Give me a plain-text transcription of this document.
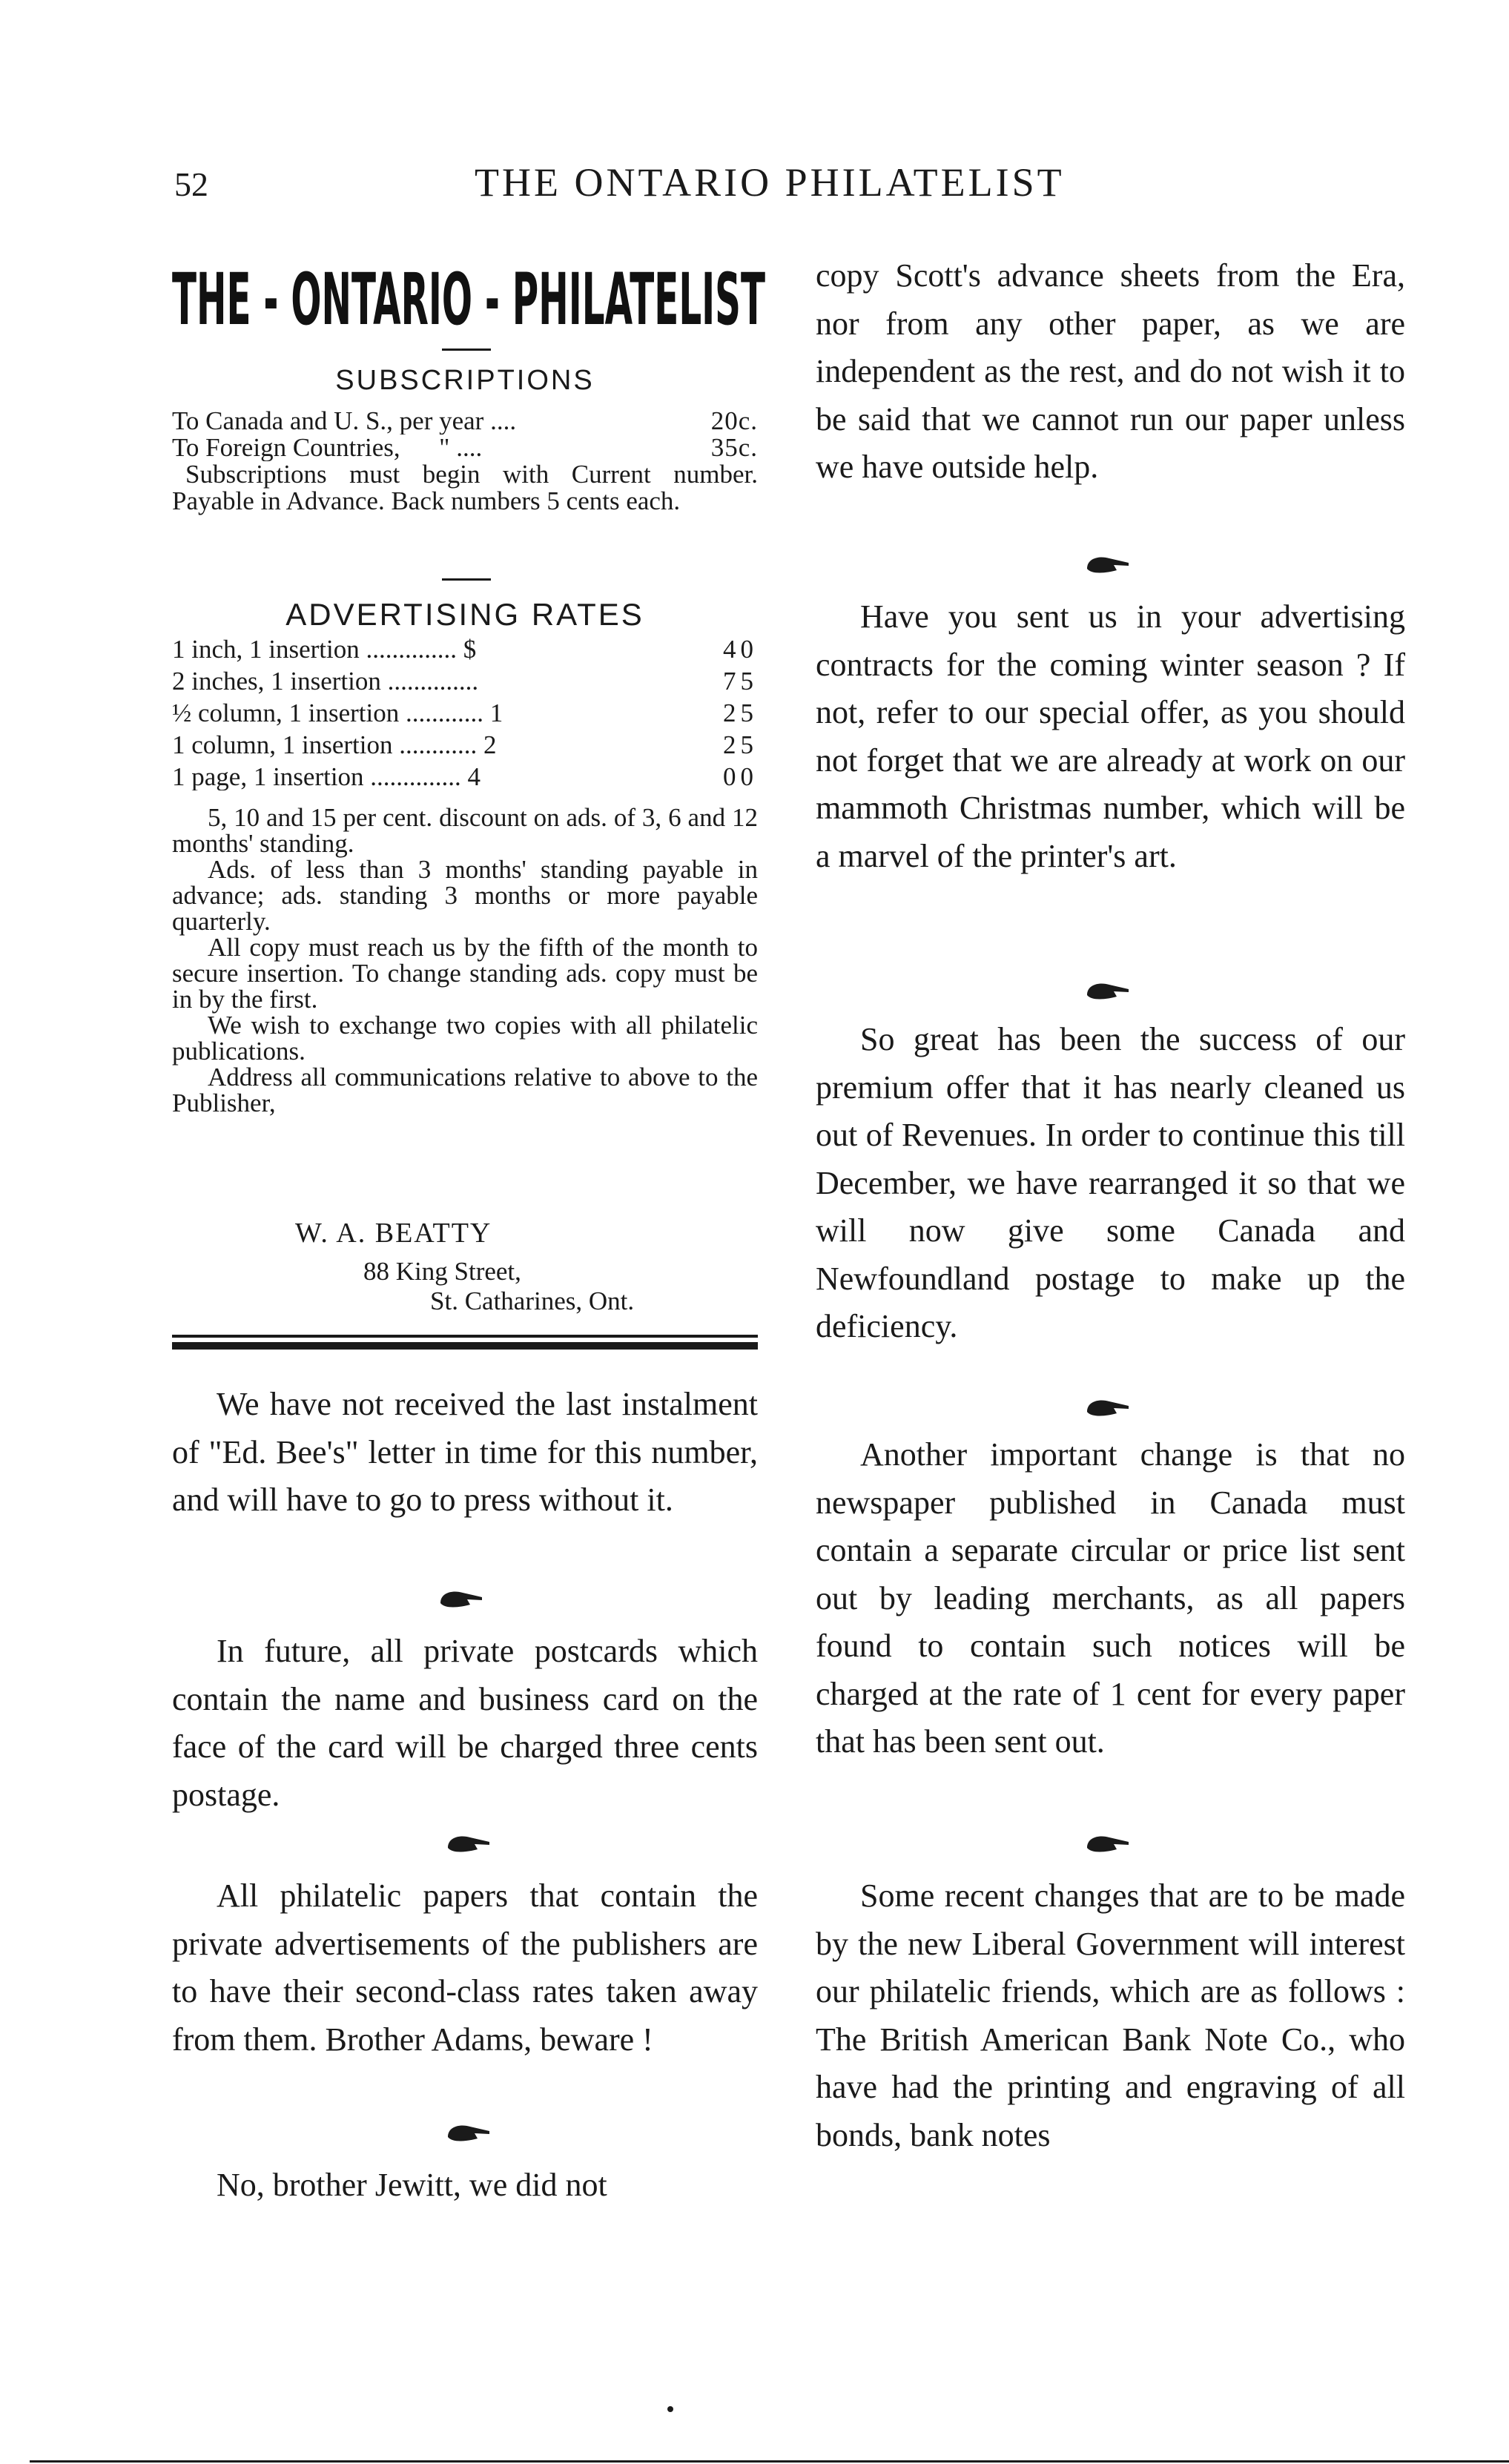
52	THE ONTARIO PHILATELIST
THE - ONTARIO - PHILATELIST
SUBSCRIPTIONS
To Canada and U. S., per year ....	20c.
To Foreign Countries,      " ....	35c.
Subscriptions must begin with Current number. Payable in Advance. Back numbers 5 cents each.
ADVERTISING RATES
1 inch, 1 insertion .............. $	40
2 inches, 1 insertion ..............	75
½ column, 1 insertion ............ 1	25
1 column, 1 insertion ............ 2	25
1 page, 1 insertion .............. 4	00
5, 10 and 15 per cent. discount on ads. of 3, 6 and 12 months' standing.
Ads. of less than 3 months' standing payable in advance; ads. standing 3 months or more payable quarterly.
All copy must reach us by the fifth of the month to secure insertion. To change standing ads. copy must be in by the first.
We wish to exchange two copies with all philatelic publications.
Address all communications relative to above to the Publisher,
W. A. BEATTY
88 King Street,
St. Catharines, Ont.

We have not received the last instalment of "Ed. Bee's" letter in time for this number, and will have to go to press without it.

In future, all private postcards which contain the name and business card on the face of the card will be charged three cents postage.

All philatelic papers that contain the private advertisements of the publishers are to have their second-class rates taken away from them. Brother Adams, beware !

No, brother Jewitt, we did not

copy Scott's advance sheets from the Era, nor from any other paper, as we are independent as the rest, and do not wish it to be said that we cannot run our paper unless we have outside help.

Have you sent us in your advertising contracts for the coming winter season ? If not, refer to our special offer, as you should not forget that we are already at work on our mammoth Christmas number, which will be a marvel of the printer's art.

So great has been the success of our premium offer that it has nearly cleaned us out of Revenues. In order to continue this till December, we have rearranged it so that we will now give some Canada and Newfoundland postage to make up the deficiency.

Another important change is that no newspaper published in Canada must contain a separate circular or price list sent out by leading merchants, as all papers found to contain such notices will be charged at the rate of 1 cent for every paper that has been sent out.

Some recent changes that are to be made by the new Liberal Government will interest our philatelic friends, which are as follows : The British American Bank Note Co., who have had the printing and engraving of all bonds, bank notes
